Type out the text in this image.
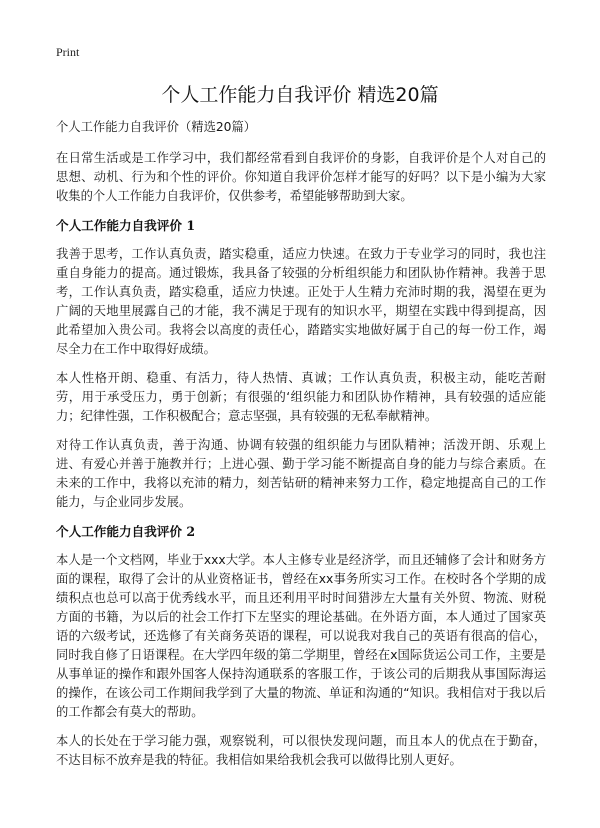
Print
个人工作能力自我评价 精选20篇

个人工作能力自我评价（精选20篇）

在日常生活或是工作学习中，我们都经常看到自我评价的身影，自我评价是个人对自己的思想、动机、行为和个性的评价。你知道自我评价怎样才能写的好吗？以下是小编为大家收集的个人工作能力自我评价，仅供参考，希望能够帮助到大家。

个人工作能力自我评价 1

我善于思考，工作认真负责，踏实稳重，适应力快速。在致力于专业学习的同时，我也注重自身能力的提高。通过锻炼，我具备了较强的分析组织能力和团队协作精神。我善于思考，工作认真负责，踏实稳重，适应力快速。正处于人生精力充沛时期的我，渴望在更为广阔的天地里展露自己的才能，我不满足于现有的知识水平，期望在实践中得到提高，因此希望加入贵公司。我将会以高度的责任心，踏踏实实地做好属于自己的每一份工作，竭尽全力在工作中取得好成绩。

本人性格开朗、稳重、有活力，待人热情、真诚；工作认真负责，积极主动，能吃苦耐劳，用于承受压力，勇于创新；有很强的‘组织能力和团队协作精神，具有较强的适应能力；纪律性强，工作积极配合；意志坚强，具有较强的无私奉献精神。

对待工作认真负责，善于沟通、协调有较强的组织能力与团队精神；活泼开朗、乐观上进、有爱心并善于施教并行；上进心强、勤于学习能不断提高自身的能力与综合素质。在未来的工作中，我将以充沛的精力，刻苦钻研的精神来努力工作，稳定地提高自己的工作能力，与企业同步发展。

个人工作能力自我评价 2

本人是一个文档网，毕业于xxx大学。本人主修专业是经济学，而且还辅修了会计和财务方面的课程，取得了会计的从业资格证书，曾经在xx事务所实习工作。在校时各个学期的成绩积点也总可以高于优秀线水平，而且还利用平时时间猎涉左大量有关外贸、物流、财税方面的书籍，为以后的社会工作打下左坚实的理论基础。在外语方面，本人通过了国家英语的六级考试，还选修了有关商务英语的课程，可以说我对我自己的英语有很高的信心，同时我自修了日语课程。在大学四年级的第二学期里，曾经在x国际货运公司工作，主要是从事单证的操作和跟外国客人保持沟通联系的客服工作，于该公司的后期我从事国际海运的操作，在该公司工作期间我学到了大量的物流、单证和沟通的“知识。我相信对于我以后的工作都会有莫大的帮助。

本人的长处在于学习能力强，观察锐利，可以很快发现问题，而且本人的优点在于勤奋，不达目标不放弃是我的特征。我相信如果给我机会我可以做得比别人更好。
